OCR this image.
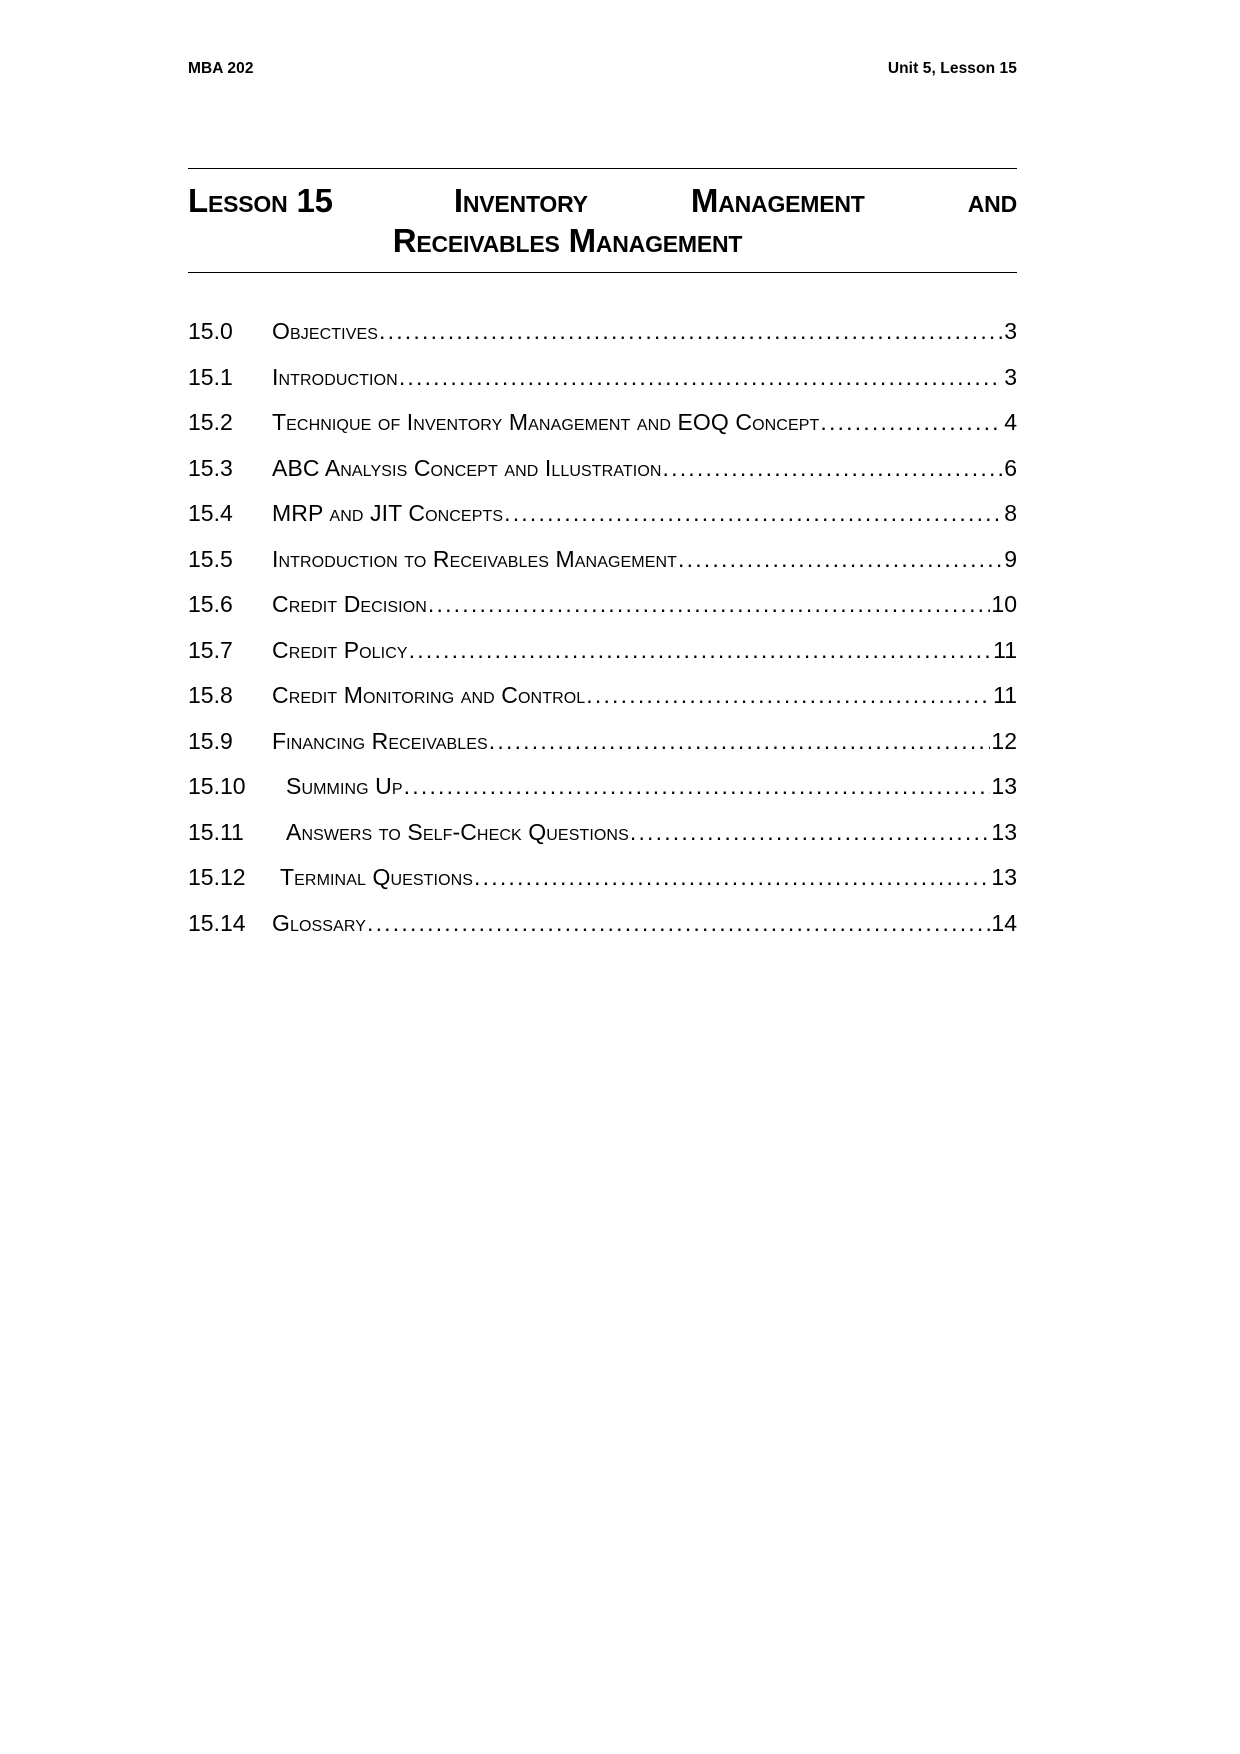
MBA 202	Unit 5, Lesson 15
Lesson 15	Inventory	Management	and
Receivables Management
15.0	Objectives .....	3
15.1	Introduction .....	3
15.2	Technique of Inventory Management and EOQ Concept .....	4
15.3	ABC Analysis Concept and Illustration .....	6
15.4	MRP and JIT Concepts .....	8
15.5	Introduction to Receivables Management .....	9
15.6	Credit Decision .....	10
15.7	Credit Policy .....	11
15.8	Credit Monitoring and Control .....	11
15.9	Financing Receivables .....	12
15.10	Summing Up .....	13
15.11	Answers to Self-Check Questions .....	13
15.12	Terminal Questions .....	13
15.14	Glossary .....	14
